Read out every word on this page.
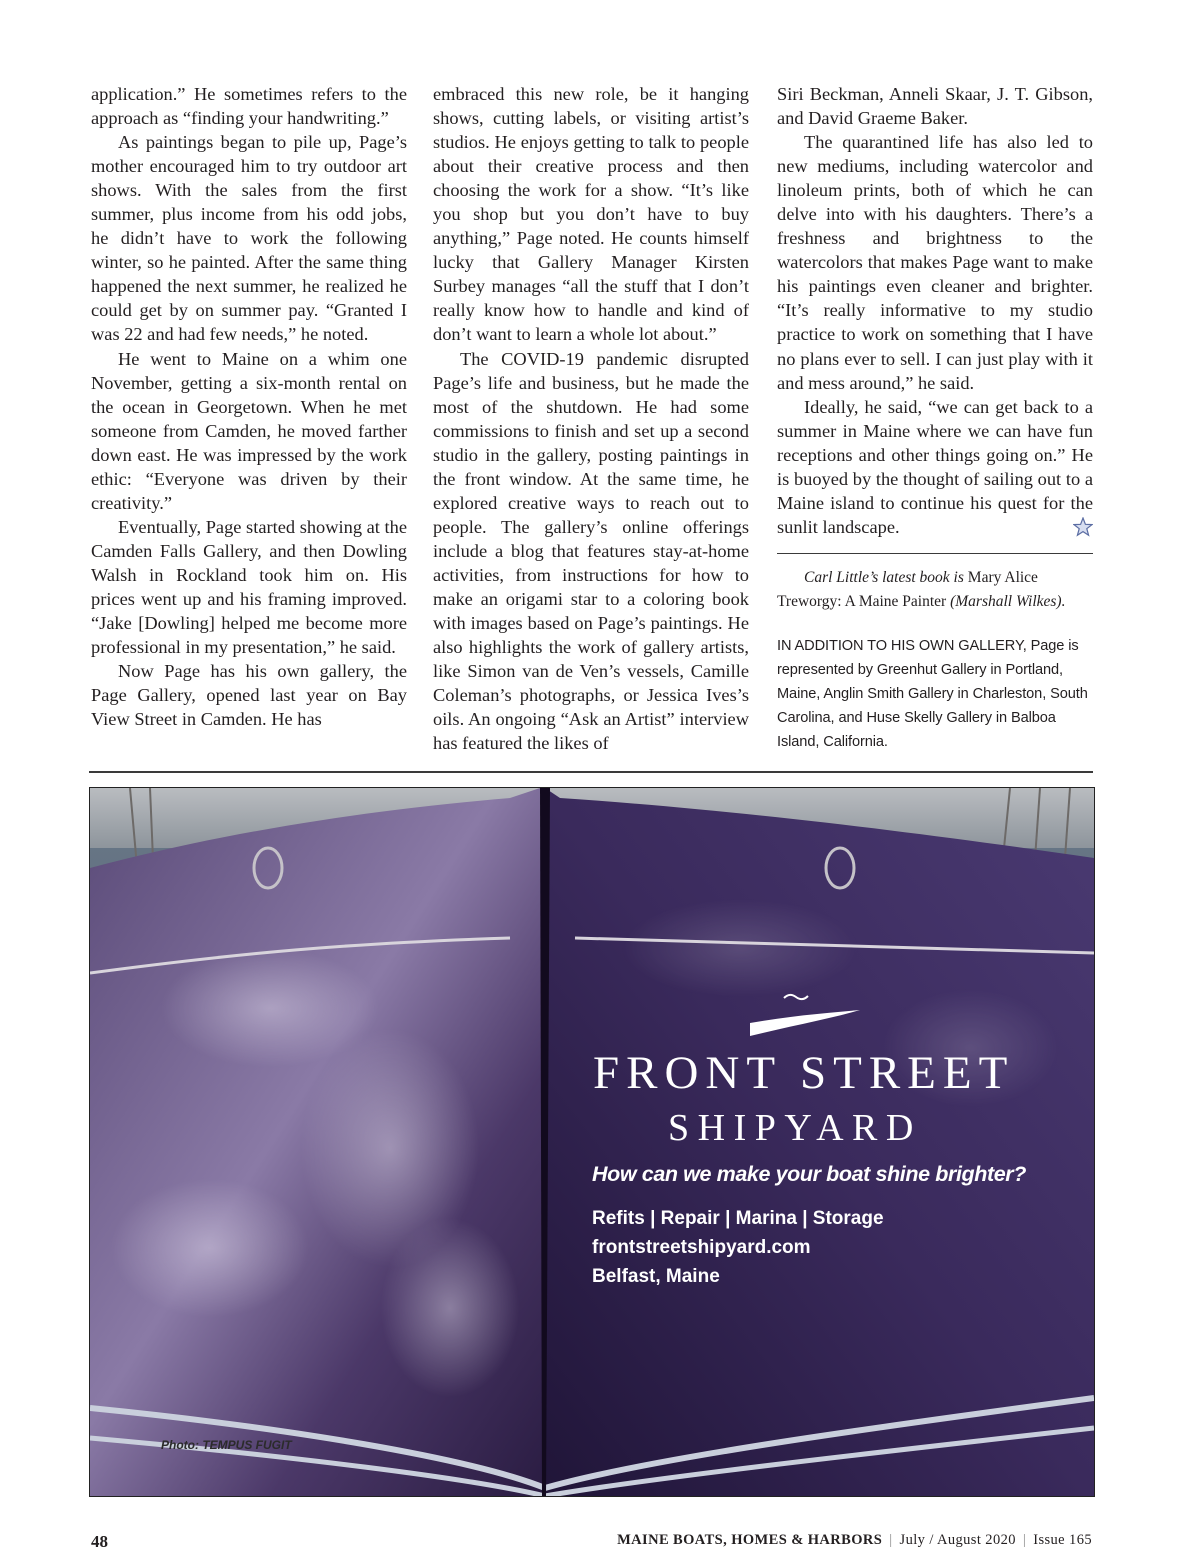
application.” He sometimes refers to the approach as “finding your handwriting.”

As paintings began to pile up, Page’s mother encouraged him to try outdoor art shows. With the sales from the first summer, plus income from his odd jobs, he didn’t have to work the following winter, so he painted. After the same thing happened the next summer, he realized he could get by on summer pay. “Granted I was 22 and had few needs,” he noted.

He went to Maine on a whim one November, getting a six-month rental on the ocean in Georgetown. When he met someone from Camden, he moved farther down east. He was impressed by the work ethic: “Everyone was driven by their creativity.”

Eventually, Page started showing at the Camden Falls Gallery, and then Dowling Walsh in Rockland took him on. His prices went up and his framing improved. “Jake [Dowling] helped me become more professional in my presentation,” he said.

Now Page has his own gallery, the Page Gallery, opened last year on Bay View Street in Camden. He has

embraced this new role, be it hanging shows, cutting labels, or visiting artist’s studios. He enjoys getting to talk to people about their creative process and then choosing the work for a show. “It’s like you shop but you don’t have to buy anything,” Page noted. He counts himself lucky that Gallery Manager Kirsten Surbey manages “all the stuff that I don’t really know how to handle and kind of don’t want to learn a whole lot about.”

The COVID-19 pandemic disrupted Page’s life and business, but he made the most of the shutdown. He had some commissions to finish and set up a second studio in the gallery, posting paintings in the front window. At the same time, he explored creative ways to reach out to people. The gallery’s online offerings include a blog that features stay-at-home activities, from instructions for how to make an origami star to a coloring book with images based on Page’s paintings. He also highlights the work of gallery artists, like Simon van de Ven’s vessels, Camille Coleman’s photographs, or Jessica Ives’s oils. An ongoing “Ask an Artist” interview has featured the likes of

Siri Beckman, Anneli Skaar, J. T. Gibson, and David Graeme Baker.

The quarantined life has also led to new mediums, including watercolor and linoleum prints, both of which he can delve into with his daughters. There’s a freshness and brightness to the watercolors that makes Page want to make his paintings even cleaner and brighter. “It’s really informative to my studio practice to work on something that I have no plans ever to sell. I can just play with it and mess around,” he said.

Ideally, he said, “we can get back to a summer in Maine where we can have fun receptions and other things going on.” He is buoyed by the thought of sailing out to a Maine island to continue his quest for the sunlit landscape.

Carl Little’s latest book is Mary Alice Treworgy: A Maine Painter (Marshall Wilkes).

IN ADDITION TO HIS OWN GALLERY, Page is represented by Greenhut Gallery in Portland, Maine, Anglin Smith Gallery in Charleston, South Carolina, and Huse Skelly Gallery in Balboa Island, California.
FRONT STREET
SHIPYARD
How can we make your boat shine brighter?
Refits | Repair | Marina | Storage
frontstreetshipyard.com
Belfast, Maine
Photo: TEMPUS FUGIT
48	MAINE BOATS, HOMES & HARBORS | July / August 2020 | Issue 165
